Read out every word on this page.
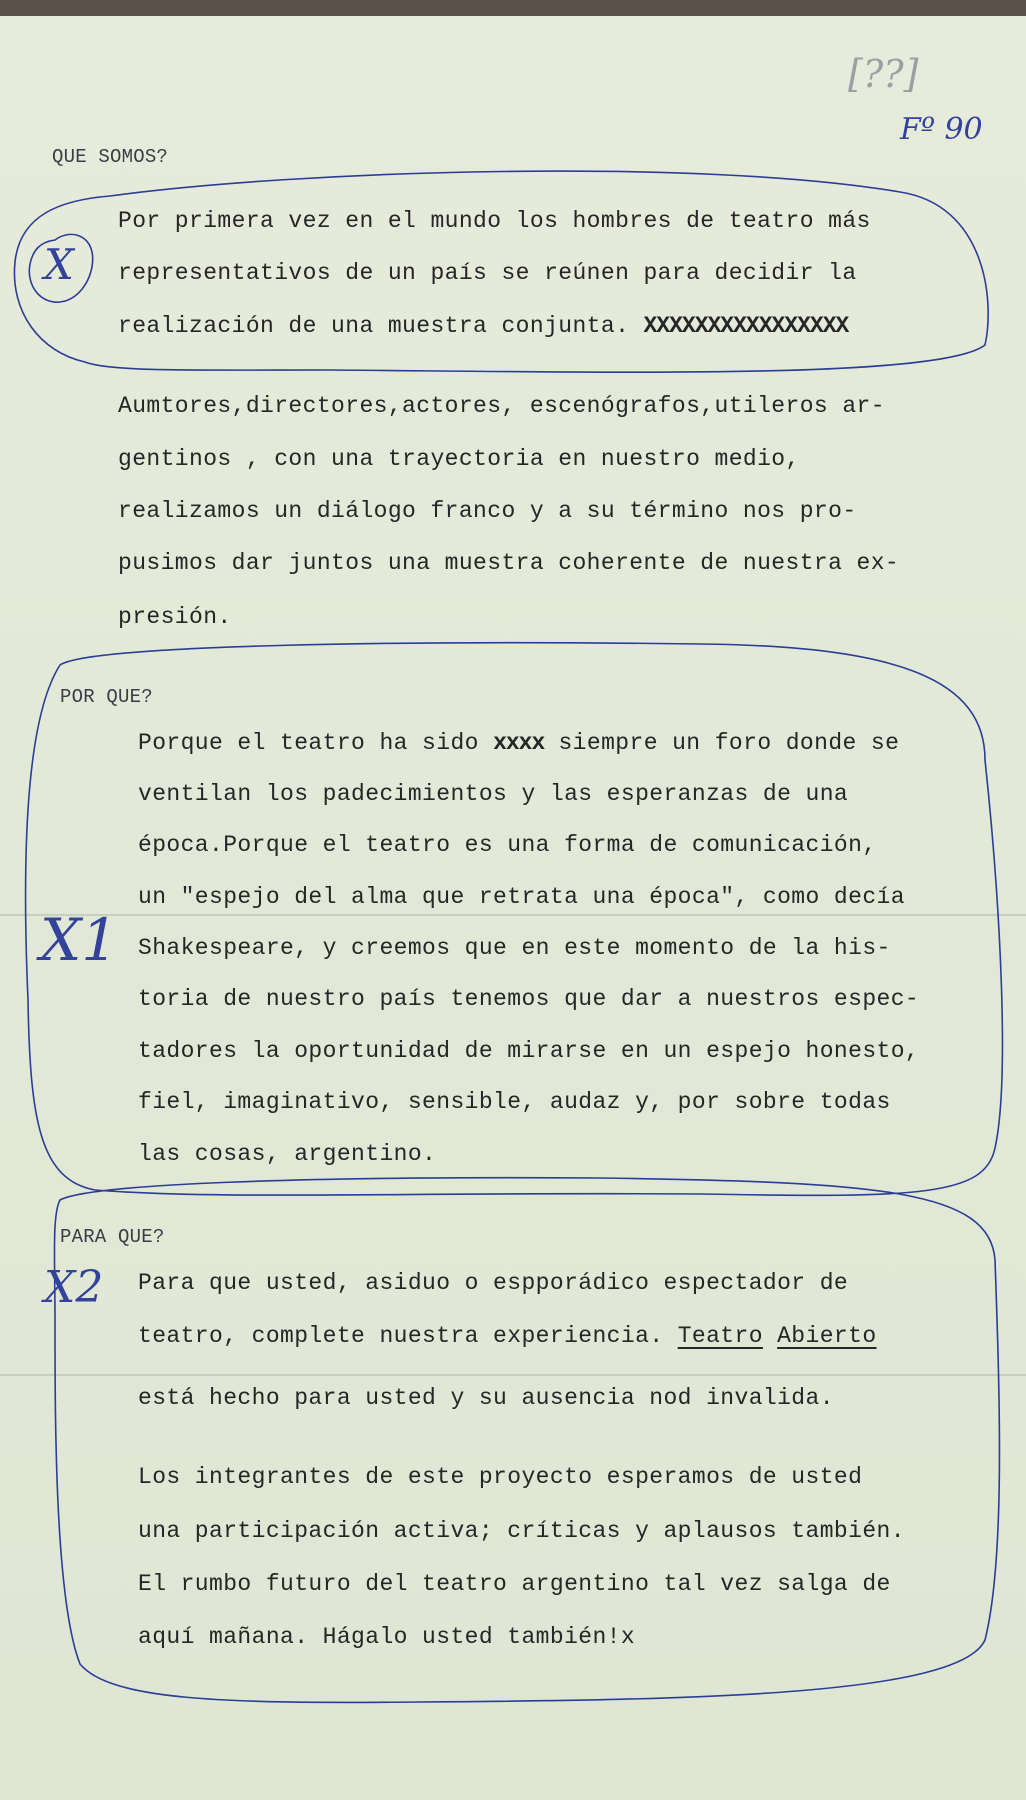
[??]
Fº 90
X
X1
X2
QUE SOMOS?
Por primera vez en el mundo los hombres de teatro más
representativos de un país se reúnen para decidir la
realización de una muestra conjunta. XXXXXXXXXXXXXXXX
Aumtores,directores,actores, escenógrafos,utileros ar-
gentinos , con una trayectoria en nuestro medio,
realizamos un diálogo franco y a su término nos pro-
pusimos dar juntos una muestra coherente de nuestra ex-
presión.
POR QUE?
Porque el teatro ha sido xxxx siempre un foro donde se
ventilan los padecimientos y las esperanzas de una
época.Porque el teatro es una forma de comunicación,
un "espejo del alma que retrata una época", como decía
Shakespeare, y creemos que en este momento de la his-
toria de nuestro país tenemos que dar a nuestros espec-
tadores la oportunidad de mirarse en un espejo honesto,
fiel, imaginativo, sensible, audaz y, por sobre todas
las cosas, argentino.
PARA QUE?
Para que usted, asiduo o espporádico espectador de
teatro, complete nuestra experiencia. Teatro Abierto
está hecho para usted y su ausencia nod invalida.
Los integrantes de este proyecto esperamos de usted
una participación activa; críticas y aplausos también.
El rumbo futuro del teatro argentino tal vez salga de
aquí mañana. Hágalo usted también!x
